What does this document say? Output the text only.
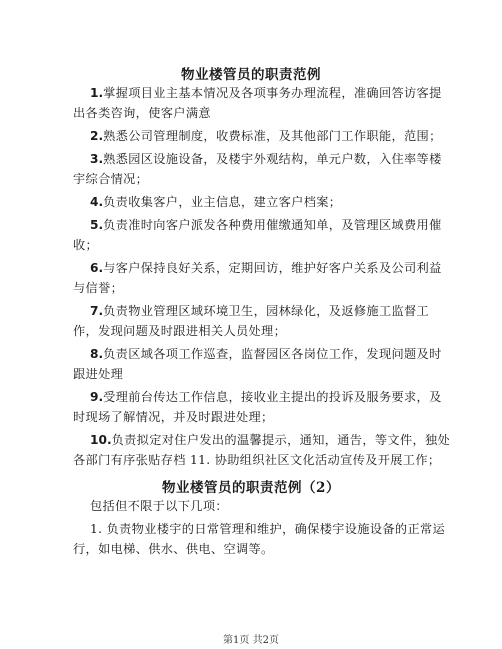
物业楼管员的职责范例
1.掌握项目业主基本情况及各项事务办理流程，准确回答访客提
出各类咨询，使客户满意
2.熟悉公司管理制度，收费标准，及其他部门工作职能，范围；
3.熟悉园区设施设备，及楼宇外观结构，单元户数，入住率等楼
宇综合情况；
4.负责收集客户，业主信息，建立客户档案；
5.负责准时向客户派发各种费用催缴通知单，及管理区域费用催
收；
6.与客户保持良好关系，定期回访，维护好客户关系及公司利益
与信誉；
7.负责物业管理区域环境卫生，园林绿化，及返修施工监督工
作，发现问题及时跟进相关人员处理；
8.负责区域各项工作巡查，监督园区各岗位工作，发现问题及时
跟进处理
9.受理前台传达工作信息，接收业主提出的投诉及服务要求，及
时现场了解情况，并及时跟进处理；
10.负责拟定对住户发出的温馨提示，通知，通告，等文件，独处
各部门有序张贴存档 11. 协助组织社区文化活动宣传及开展工作；
物业楼管员的职责范例（2）
包括但不限于以下几项：
1. 负责物业楼宇的日常管理和维护，确保楼宇设施设备的正常运
行，如电梯、供水、供电、空调等。
第1页 共2页
